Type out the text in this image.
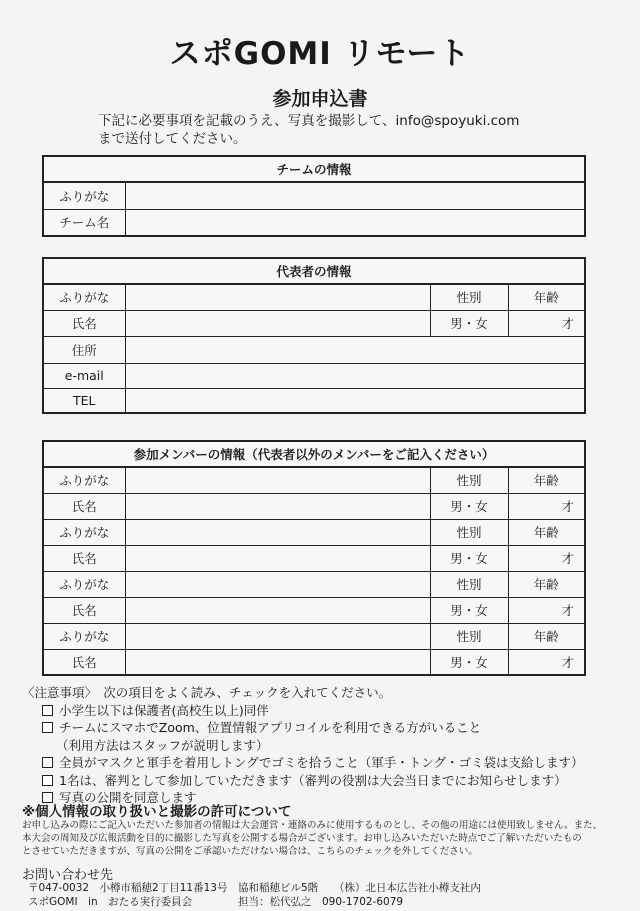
スポGOMI リモート
参加申込書
下記に必要事項を記載のうえ、写真を撮影して、info@spoyuki.com
まで送付してください。
チームの情報	
ふりがな	
チーム名	
代表者の情報			
ふりがな		性別	年齢
氏名		男・女	才

住所			
e-mail			
TEL			
参加メンバーの情報（代表者以外のメンバーをご記入ください）			
ふりがな		性別	年齢
氏名		男・女	才

ふりがな		性別	年齢
氏名		男・女	才

ふりがな		性別	年齢
氏名		男・女	才

ふりがな		性別	年齢
氏名		男・女	才
〈注意事項〉　次の項目をよく読み、チェックを入れてください。
小学生以下は保護者(高校生以上)同伴
チームにスマホでZoom、位置情報アプリコイルを利用できる方がいること
（利用方法はスタッフが説明します）
全員がマスクと軍手を着用しトングでゴミを拾うこと（軍手・トング・ゴミ袋は支給します）
1名は、審判として参加していただきます（審判の役割は大会当日までにお知らせします）
写真の公開を同意します
※個人情報の取り扱いと撮影の許可について
お申し込みの際にご記入いただいた参加者の情報は大会運営・連絡のみに使用するものとし、その他の用途には使用致しません。また、
本大会の周知及び広報活動を目的に撮影した写真を公開する場合がございます。お申し込みいただいた時点でご了解いただいたもの
とさせていただきますが、写真の公開をご承認いただけない場合は、こちらのチェックを外してください。
お問い合わせ先
〒047-0032　小樽市稲穂2丁目11番13号　協和稲穂ビル5階　　（株）北日本広告社小樽支社内
スポGOMI　in　おたる実行委員会	担当：松代弘之　090-1702-6079
